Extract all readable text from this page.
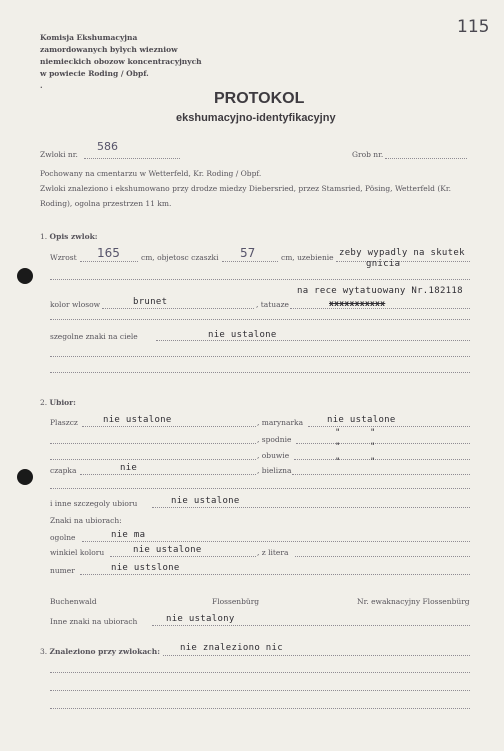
Komisja Ekshumacyjna
zamordowanych bylych wiezniow
niemieckich obozow koncentracyjnych
w powiecie Roding / Obpf.
.
115
PROTOKOL
ekshumacyjno-identyfikacyjny
Zwloki nr.
586
Grob nr.
Pochowany na cmentarzu w Wetterfeld, Kr. Roding / Obpf.
Zwloki znaleziono i ekshumowano przy drodze miedzy Diebersried, przez Stamsried, Pösing, Wetterfeld (Kr.
Roding), ogolna przestrzen 11 km.
1. Opis zwlok:
Wzrost 165	cm, objetosc czaszki 57	cm, uzebienie zeby wypadly na skutek
gnicia
na rece wytatuowany Nr.182118
kolor wlosow	brunet	, tatuaze	xxxxxxxxxxx
szegolne znaki na ciele	nie ustalone
2. Ubior:
Plaszcz	nie ustalone	, marynarka	nie ustalone
, spodnie
"	"
, obuwie
"	"
czapka	nie	, bielizna
"	"
i inne szczegoly ubioru	nie ustalone
Znaki na ubiorach:
ogolne	nie ma
winkiel koloru	nie ustalone	, z litera
numer	nie ustslone
Buchenwald	Flossenbürg	Nr. ewaknacyjny Flossenbürg
Inne znaki na ubiorach	nie ustalony
3. Znaleziono przy zwlokach: nie znaleziono nic
